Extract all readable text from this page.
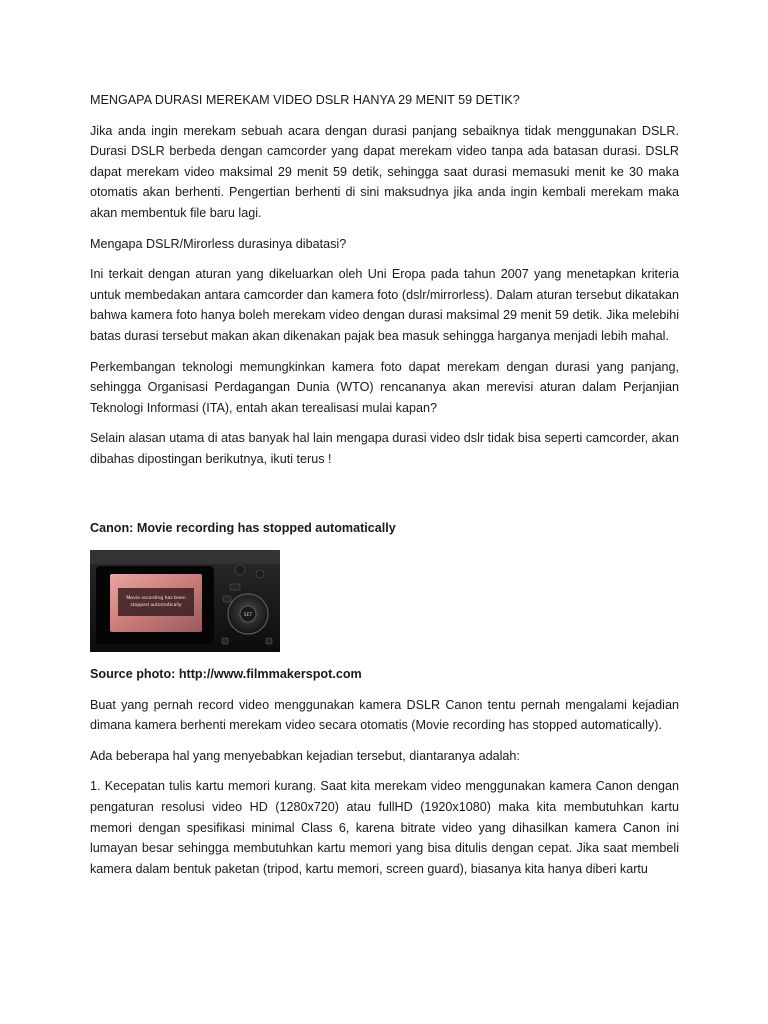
MENGAPA DURASI MEREKAM VIDEO DSLR HANYA 29 MENIT 59 DETIK?

Jika anda ingin merekam sebuah acara dengan durasi panjang sebaiknya tidak menggunakan DSLR. Durasi DSLR berbeda dengan camcorder yang dapat merekam video tanpa ada batasan durasi. DSLR dapat merekam video maksimal 29 menit 59 detik, sehingga saat durasi memasuki menit ke 30 maka otomatis akan berhenti. Pengertian berhenti di sini maksudnya jika anda ingin kembali merekam maka akan membentuk file baru lagi.

Mengapa DSLR/Mirorless durasinya dibatasi?

Ini terkait dengan aturan yang dikeluarkan oleh Uni Eropa pada tahun 2007 yang menetapkan kriteria untuk membedakan antara camcorder dan kamera foto (dslr/mirrorless). Dalam aturan tersebut dikatakan bahwa kamera foto hanya boleh merekam video dengan durasi maksimal 29 menit 59 detik. Jika melebihi batas durasi tersebut makan akan dikenakan pajak bea masuk sehingga harganya menjadi lebih mahal.

Perkembangan teknologi memungkinkan kamera foto dapat merekam dengan durasi yang panjang, sehingga Organisasi Perdagangan Dunia (WTO) rencananya akan merevisi aturan dalam Perjanjian Teknologi Informasi (ITA), entah akan terealisasi mulai kapan?

Selain alasan utama di atas banyak hal lain mengapa durasi video dslr tidak bisa seperti camcorder, akan dibahas dipostingan berikutnya, ikuti terus !

Canon: Movie recording has stopped automatically

Movie recording has been
stopped automatically
SET

Source photo: http://www.filmmakerspot.com

Buat yang pernah record video menggunakan kamera DSLR Canon tentu pernah mengalami kejadian dimana kamera berhenti merekam video secara otomatis (Movie recording has stopped automatically).

Ada beberapa hal yang menyebabkan kejadian tersebut, diantaranya adalah:

1. Kecepatan tulis kartu memori kurang. Saat kita merekam video menggunakan kamera Canon dengan pengaturan resolusi video HD (1280x720) atau fullHD (1920x1080) maka kita membutuhkan kartu memori dengan spesifikasi minimal Class 6, karena bitrate video yang dihasilkan kamera Canon ini lumayan besar sehingga membutuhkan kartu memori yang bisa ditulis dengan cepat. Jika saat membeli kamera dalam bentuk paketan (tripod, kartu memori, screen guard), biasanya kita hanya diberi kartu
